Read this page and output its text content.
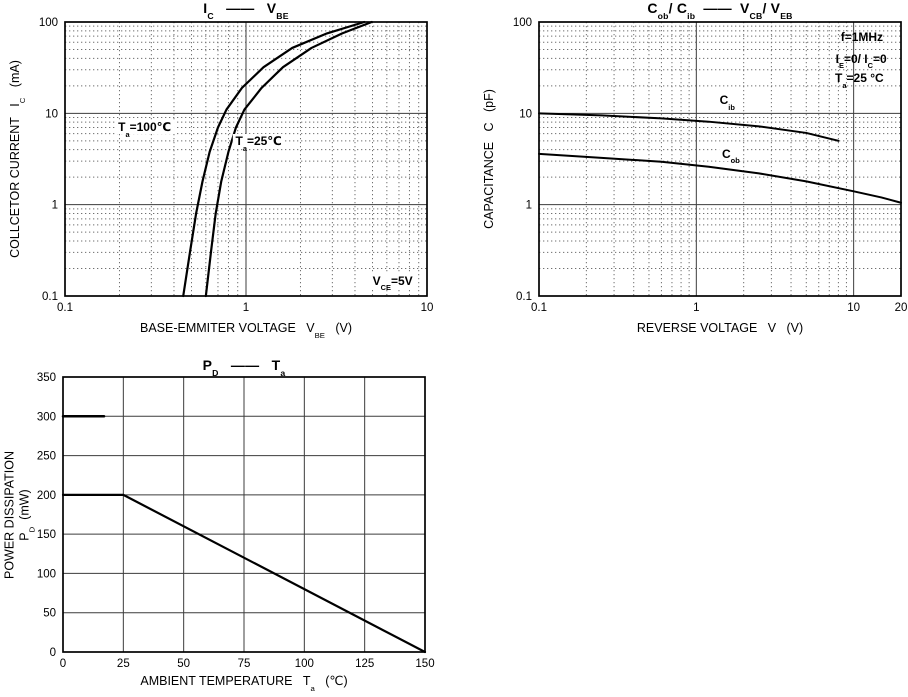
0.1	1	10
0.1
1
10
100
$I_C$   ——   $V_{BE}$
COLLCETOR CURRENT   $I_C$   (mA)
BASE-EMMITER VOLTAGE   $V_{BE}$   (V)
$T_a=100℃$
$T_a=25℃$
$V_{CE}=5V$
0.1	1	10	20
0.1
1
10
100
$C_{ob}/$ $C_{ib}$  ——  $V_{CB}/$ $V_{EB}$
CAPACITANCE   C   (pF)
REVERSE VOLTAGE   V   (V)
f=1MHz
$I_E=0/$ $I_C=0$
$T_a=25$ °C
$C_{ib}$
$C_{ob}$
0	25	50	75	100	125	150
0
50
100
150
200
250
300
350
$P_D$   ——   $T_a$
POWER DISSIPATION $P_D$  (mW)
AMBIENT TEMPERATURE   $T_a$   (℃)
